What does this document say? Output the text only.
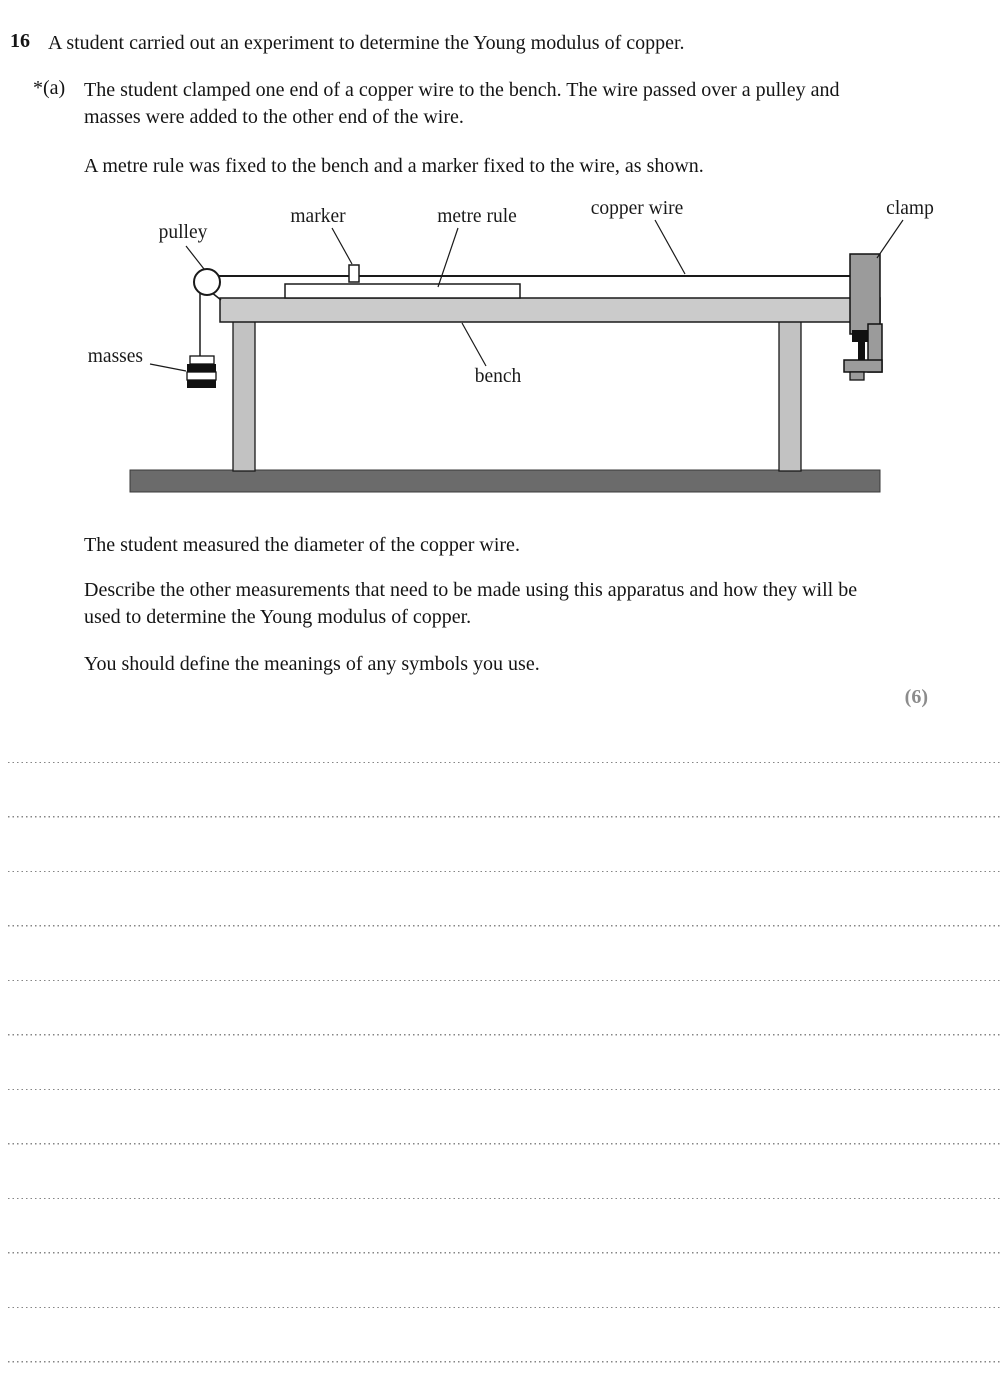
16 A student carried out an experiment to determine the Young modulus of copper.
*(a) The student clamped one end of a copper wire to the bench. The wire passed over a pulley and masses were added to the other end of the wire.

A metre rule was fixed to the bench and a marker fixed to the wire, as shown.

pulley
marker	metre rule	copper wire	clamp
masses
bench

The student measured the diameter of the copper wire.

Describe the other measurements that need to be made using this apparatus and how they will be used to determine the Young modulus of copper.

You should define the meanings of any symbols you use.

(6)
